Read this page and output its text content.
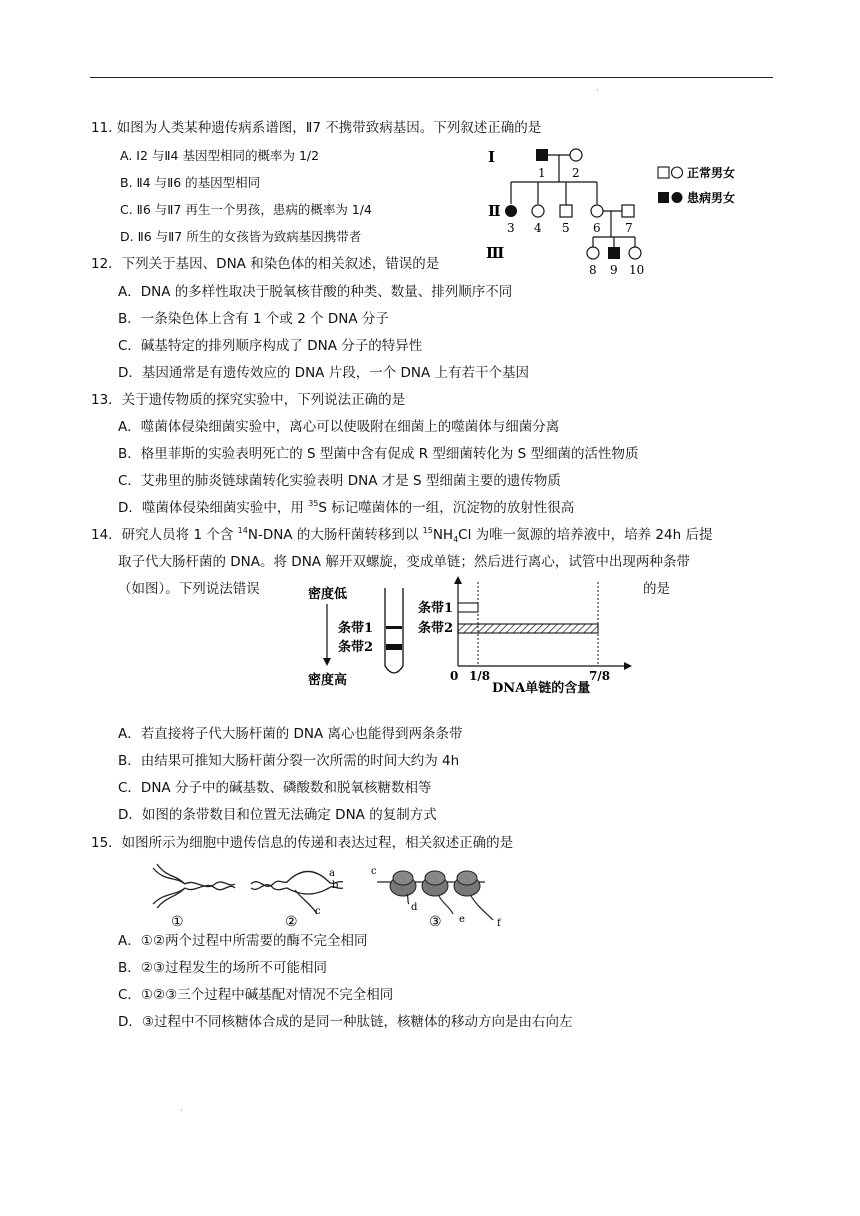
·
11. 如图为人类某种遗传病系谱图，Ⅱ7 不携带致病基因。下列叙述正确的是
A. Ⅰ2 与Ⅱ4 基因型相同的概率为 1/2
B. Ⅱ4 与Ⅱ6 的基因型相同
C. Ⅱ6 与Ⅱ7 再生一个男孩，患病的概率为 1/4
D. Ⅱ6 与Ⅱ7 所生的女孩皆为致病基因携带者
Ⅰ
Ⅱ
Ⅲ
1 2
3 4 5 6 7
8 9 10
正常男女
患病男女
12．下列关于基因、DNA 和染色体的相关叙述，错误的是
A．DNA 的多样性取决于脱氧核苷酸的种类、数量、排列顺序不同
B．一条染色体上含有 1 个或 2 个 DNA 分子
C．碱基特定的排列顺序构成了 DNA 分子的特异性
D．基因通常是有遗传效应的 DNA 片段，一个 DNA 上有若干个基因
13．关于遗传物质的探究实验中，下列说法正确的是
A．噬菌体侵染细菌实验中，离心可以使吸附在细菌上的噬菌体与细菌分离
B．格里菲斯的实验表明死亡的 S 型菌中含有促成 R 型细菌转化为 S 型细菌的活性物质
C．艾弗里的肺炎链球菌转化实验表明 DNA 才是 S 型细菌主要的遗传物质
D．噬菌体侵染细菌实验中，用 $^{35}$S 标记噬菌体的一组，沉淀物的放射性很高
14．研究人员将 1 个含 $^{14}$N-DNA 的大肠杆菌转移到以 $^{15}NH_4Cl$ 为唯一氮源的培养液中，培养 24h 后提
取子代大肠杆菌的 DNA。将 DNA 解开双螺旋，变成单链；然后进行离心，试管中出现两种条带
（如图）。下列说法错误	的是
密度低
密度高
条带1
条带2
条带1
条带2
0 1/8	7/8
DNA单链的含量
A．若直接将子代大肠杆菌的 DNA 离心也能得到两条条带
B．由结果可推知大肠杆菌分裂一次所需的时间大约为 4h
C．DNA 分子中的碱基数、磷酸数和脱氧核糖数相等
D．如图的条带数目和位置无法确定 DNA 的复制方式
15．如图所示为细胞中遗传信息的传递和表达过程，相关叙述正确的是
①
a
b
c
②
c
d
e	f
③
A．①②两个过程中所需要的酶不完全相同
B．②③过程发生的场所不可能相同
C．①②③三个过程中碱基配对情况不完全相同
D．③过程中不同核糖体合成的是同一种肽链，核糖体的移动方向是由右向左
·
